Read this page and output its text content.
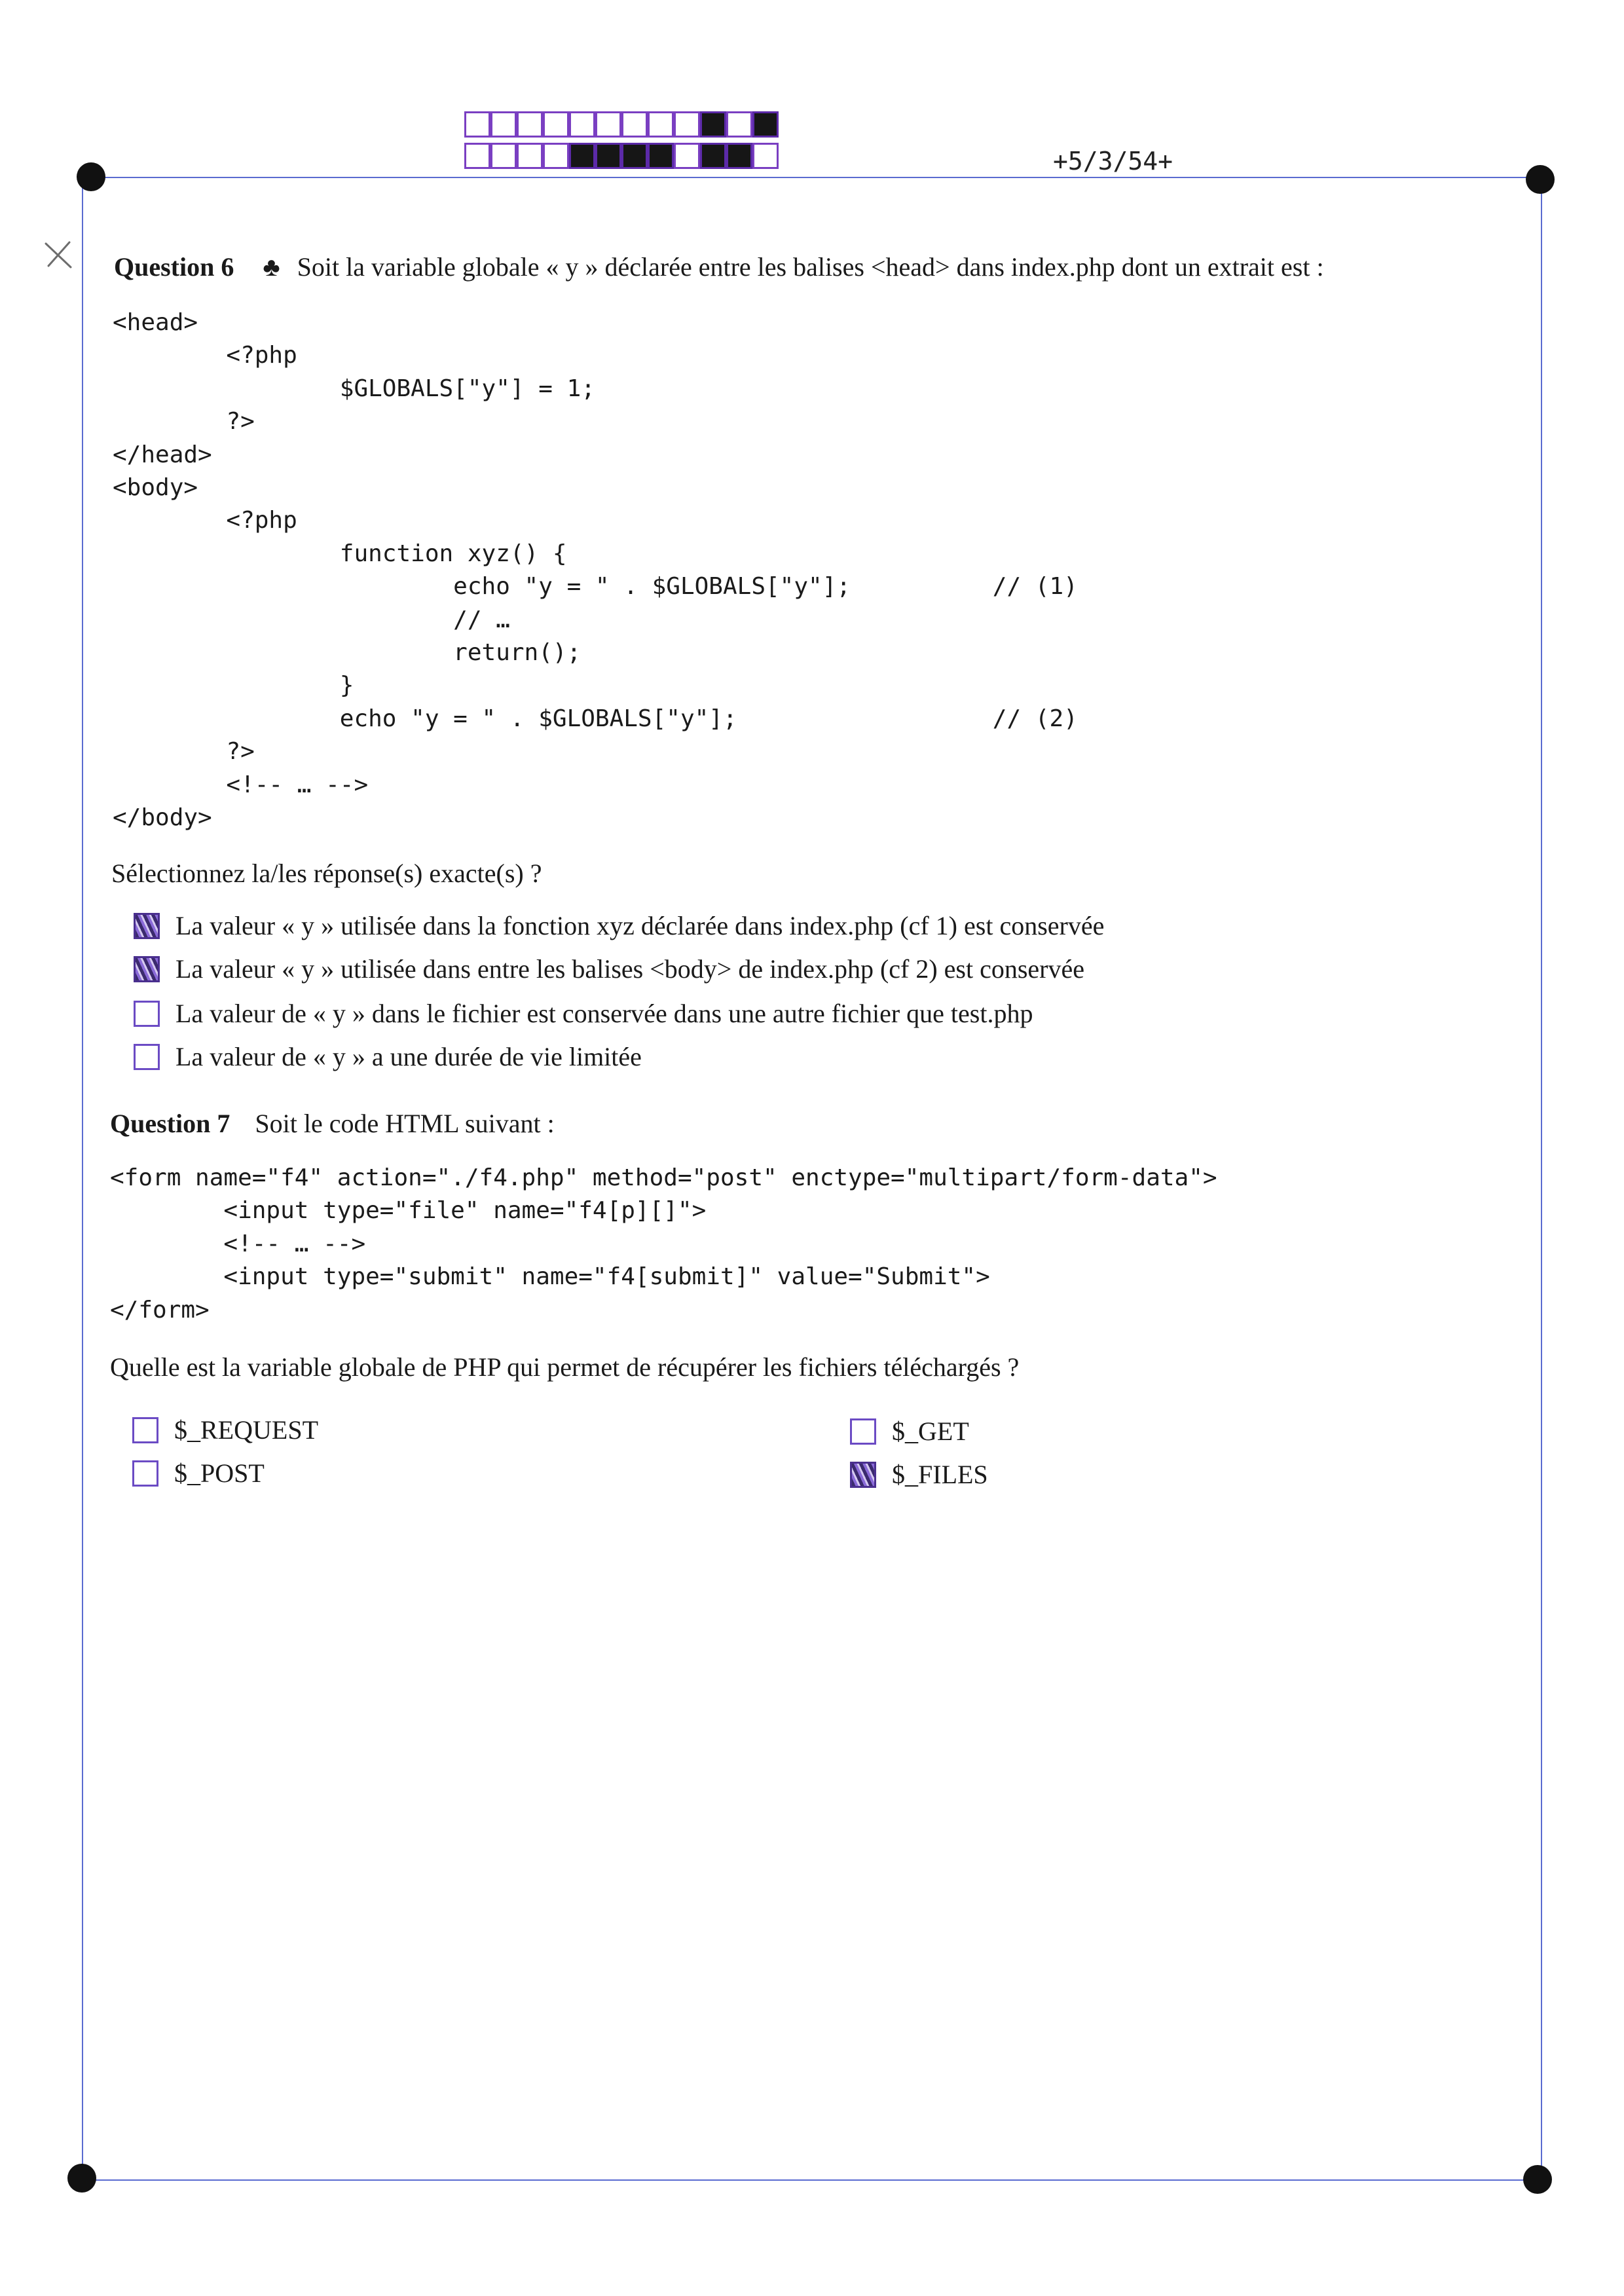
+5/3/54+
Question 6 ♣ Soit la variable globale « y » déclarée entre les balises <head> dans index.php dont un extrait est :
<head>
<?php
$GLOBALS["y"] = 1;
?>
</head>
<body>
<?php
function xyz() {
echo "y = " . $GLOBALS["y"];          // (1)
// …
return();
}
echo "y = " . $GLOBALS["y"];                  // (2)
?>
<!-- … -->
</body>
Sélectionnez la/les réponse(s) exacte(s) ?
La valeur « y » utilisée dans la fonction xyz déclarée dans index.php (cf 1) est conservée
La valeur « y » utilisée dans entre les balises <body> de index.php (cf 2) est conservée
La valeur de « y » dans le fichier est conservée dans une autre fichier que test.php
La valeur de « y » a une durée de vie limitée
Question 7 Soit le code HTML suivant :
<form name="f4" action="./f4.php" method="post" enctype="multipart/form-data">
<input type="file" name="f4[p][]">
<!-- … -->
<input type="submit" name="f4[submit]" value="Submit">
</form>
Quelle est la variable globale de PHP qui permet de récupérer les fichiers téléchargés ?
$_REQUEST
$_POST
$_GET
$_FILES
